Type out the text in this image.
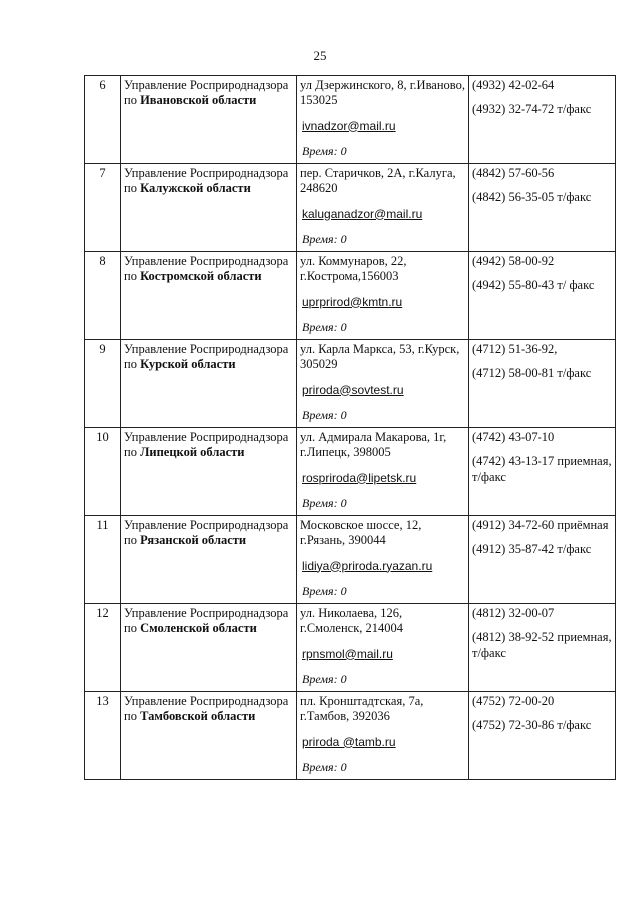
25
6	Управление Росприроднадзора по Ивановской области	ул Дзержинского, 8, г.Иваново, 153025
ivnadzor@mail.ru
Время: 0	(4932) 42-02-64
(4932) 32-74-72 т/факс

7	Управление Росприроднадзора по Калужской области	пер. Старичков, 2А, г.Калуга, 248620
kaluganadzor@mail.ru
Время: 0	(4842) 57-60-56
(4842) 56-35-05 т/факс

8	Управление Росприроднадзора по Костромской области	ул. Коммунаров, 22, г.Кострома,156003
uprprirod@kmtn.ru
Время: 0	(4942) 58-00-92
(4942) 55-80-43 т/ факс

9	Управление Росприроднадзора по Курской области	ул. Карла Маркса, 53, г.Курск, 305029
priroda@sovtest.ru
Время: 0	(4712) 51-36-92,
(4712) 58-00-81 т/факс

10	Управление Росприроднадзора по Липецкой области	ул. Адмирала Макарова, 1г, г.Липецк, 398005
rospriroda@lipetsk.ru
Время: 0	(4742) 43-07-10
(4742) 43-13-17 приемная, т/факс

11	Управление Росприроднадзора по Рязанской области	Московское шоссе, 12, г.Рязань, 390044
lidiya@priroda.ryazan.ru
Время: 0	(4912) 34-72-60 приёмная
(4912) 35-87-42 т/факс

12	Управление Росприроднадзора по Смоленской области	ул. Николаева, 126, г.Смоленск, 214004
rpnsmol@mail.ru
Время: 0	(4812) 32-00-07
(4812) 38-92-52 приемная, т/факс

13	Управление Росприроднадзора по Тамбовской области	пл. Кронштадтская, 7а, г.Тамбов, 392036
priroda @tamb.ru
Время: 0	(4752) 72-00-20
(4752) 72-30-86 т/факс
